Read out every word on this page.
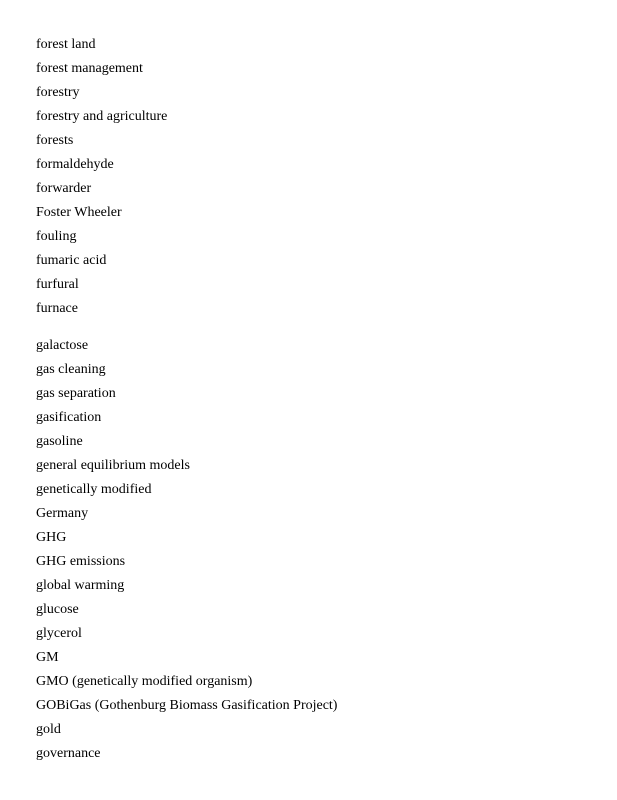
forest land
forest management
forestry
forestry and agriculture
forests
formaldehyde
forwarder
Foster Wheeler
fouling
fumaric acid
furfural
furnace
galactose
gas cleaning
gas separation
gasification
gasoline
general equilibrium models
genetically modified
Germany
GHG
GHG emissions
global warming
glucose
glycerol
GM
GMO (genetically modified organism)
GOBiGas (Gothenburg Biomass Gasification Project)
gold
governance
